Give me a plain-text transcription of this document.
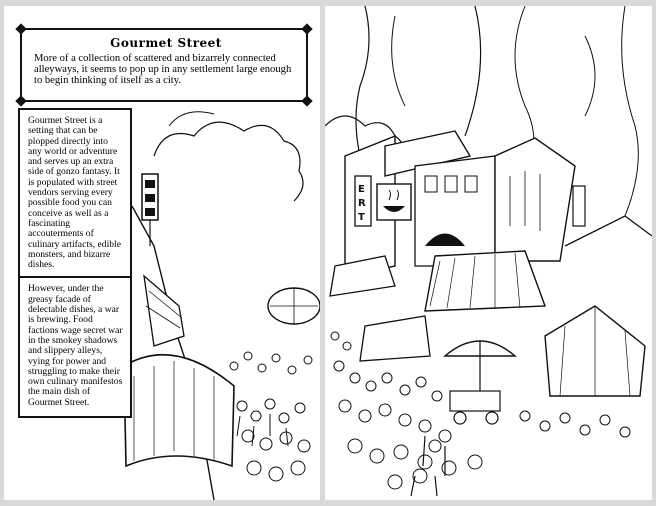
Gourmet Street

More of a collection of scattered and bizarrely connected alleyways, it seems to pop up in any settlement large enough to begin thinking of itself as a city.

Gourmet Street is a setting that can be plopped directly into any world or adventure and serves up an extra side of gonzo fantasy. It is populated with street vendors serving every possible food you can conceive as well as a fascinating accouterments of culinary artifacts, edible monsters, and bizarre dishes.

However, under the greasy facade of delectable dishes, a war is brewing. Food factions wage secret war in the smokey shadows and slippery alleys, vying for power and struggling to make their own culinary manifestos the main dish of Gourmet Street.

E
R
T
